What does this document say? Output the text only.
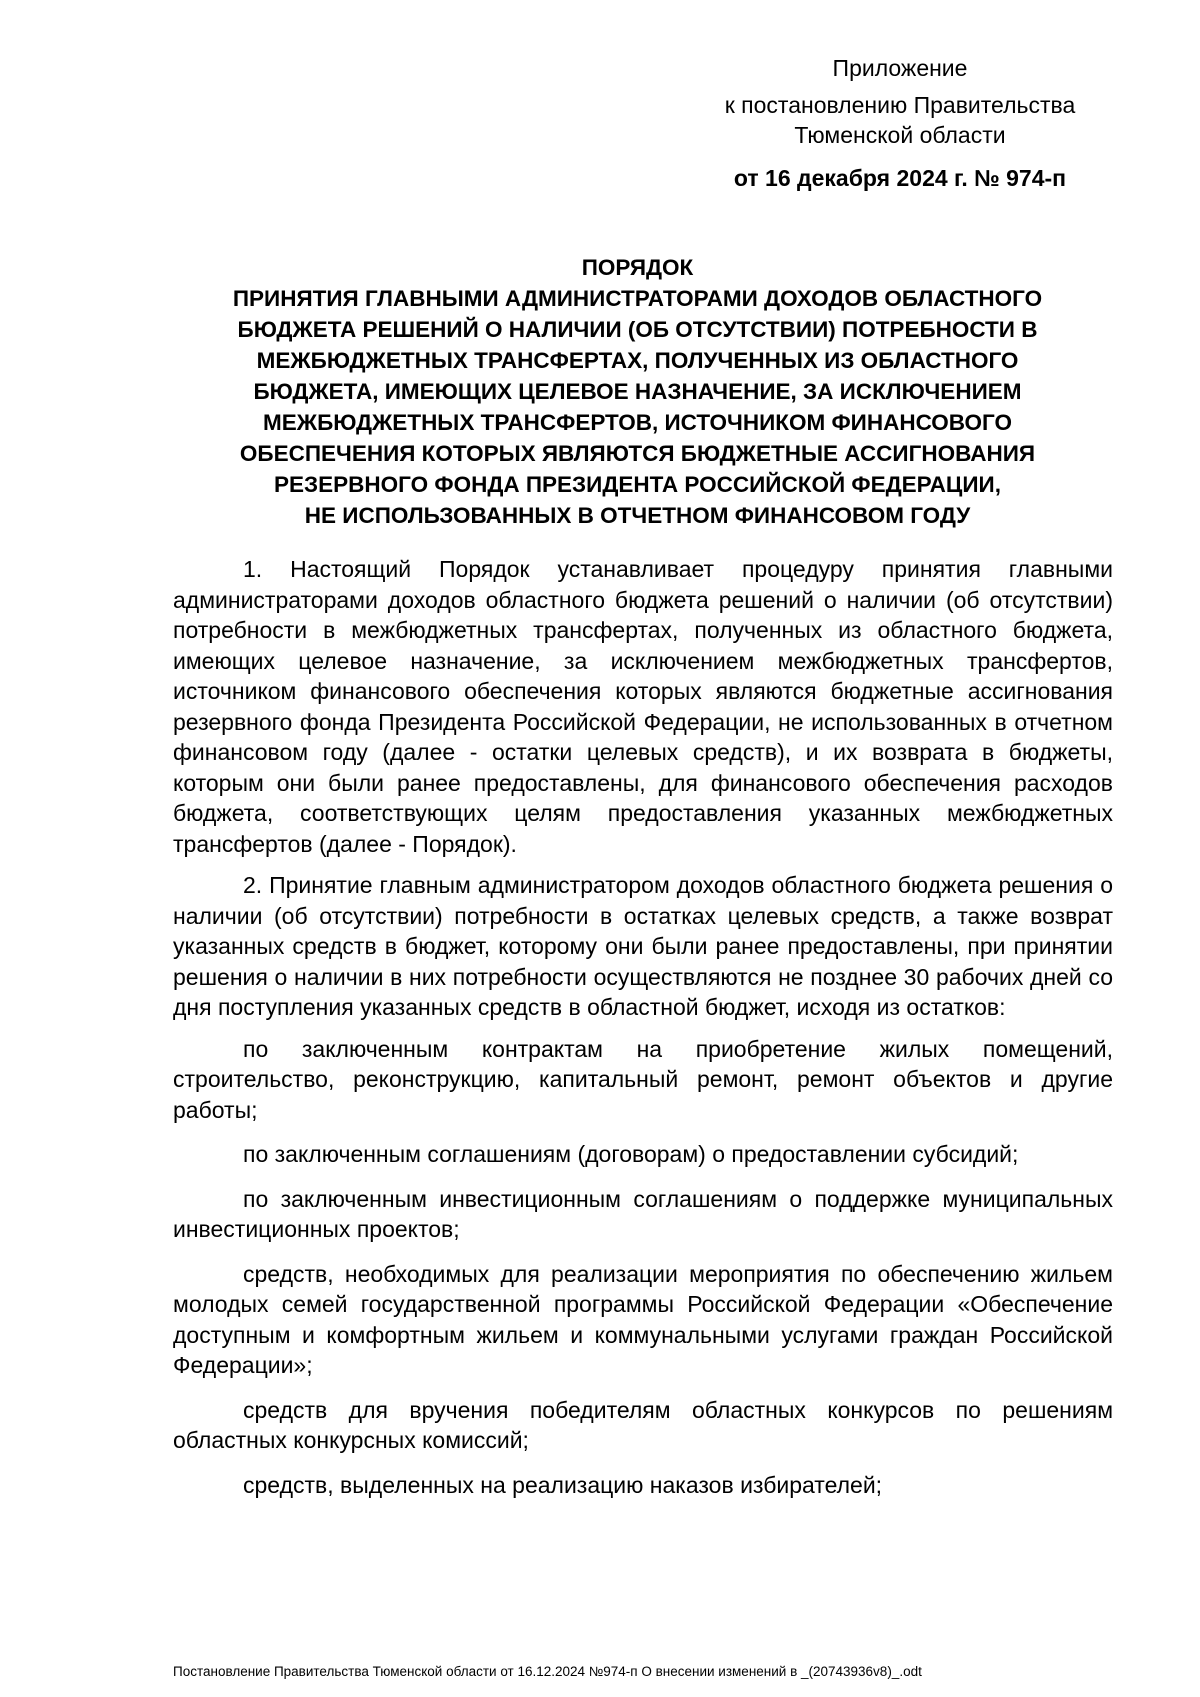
Приложение
к постановлению Правительства
Тюменской области
от 16 декабря 2024 г. № 974-п
ПОРЯДОК
ПРИНЯТИЯ ГЛАВНЫМИ АДМИНИСТРАТОРАМИ ДОХОДОВ ОБЛАСТНОГО
БЮДЖЕТА РЕШЕНИЙ О НАЛИЧИИ (ОБ ОТСУТСТВИИ) ПОТРЕБНОСТИ В
МЕЖБЮДЖЕТНЫХ ТРАНСФЕРТАХ, ПОЛУЧЕННЫХ ИЗ ОБЛАСТНОГО
БЮДЖЕТА, ИМЕЮЩИХ ЦЕЛЕВОЕ НАЗНАЧЕНИЕ, ЗА ИСКЛЮЧЕНИЕМ
МЕЖБЮДЖЕТНЫХ ТРАНСФЕРТОВ, ИСТОЧНИКОМ ФИНАНСОВОГО
ОБЕСПЕЧЕНИЯ КОТОРЫХ ЯВЛЯЮТСЯ БЮДЖЕТНЫЕ АССИГНОВАНИЯ
РЕЗЕРВНОГО ФОНДА ПРЕЗИДЕНТА РОССИЙСКОЙ ФЕДЕРАЦИИ,
НЕ ИСПОЛЬЗОВАННЫХ В ОТЧЕТНОМ ФИНАНСОВОМ ГОДУ

1. Настоящий Порядок устанавливает процедуру принятия главными администраторами доходов областного бюджета решений о наличии (об отсутствии) потребности в межбюджетных трансфертах, полученных из областного бюджета, имеющих целевое назначение, за исключением межбюджетных трансфертов, источником финансового обеспечения которых являются бюджетные ассигнования резервного фонда Президента Российской Федерации, не использованных в отчетном финансовом году (далее - остатки целевых средств), и их возврата в бюджеты, которым они были ранее предоставлены, для финансового обеспечения расходов бюджета, соответствующих целям предоставления указанных межбюджетных трансфертов (далее - Порядок).

2. Принятие главным администратором доходов областного бюджета решения о наличии (об отсутствии) потребности в остатках целевых средств, а также возврат указанных средств в бюджет, которому они были ранее предоставлены, при принятии решения о наличии в них потребности осуществляются не позднее 30 рабочих дней со дня поступления указанных средств в областной бюджет, исходя из остатков:

по заключенным контрактам на приобретение жилых помещений, строительство, реконструкцию, капитальный ремонт, ремонт объектов и другие работы;

по заключенным соглашениям (договорам) о предоставлении субсидий;

по заключенным инвестиционным соглашениям о поддержке муниципальных инвестиционных проектов;

средств, необходимых для реализации мероприятия по обеспечению жильем молодых семей государственной программы Российской Федерации «Обеспечение доступным и комфортным жильем и коммунальными услугами граждан Российской Федерации»;

средств для вручения победителям областных конкурсов по решениям областных конкурсных комиссий;

средств, выделенных на реализацию наказов избирателей;

Постановление Правительства Тюменской области от 16.12.2024 №974-п О внесении изменений в _(20743936v8)_.odt
